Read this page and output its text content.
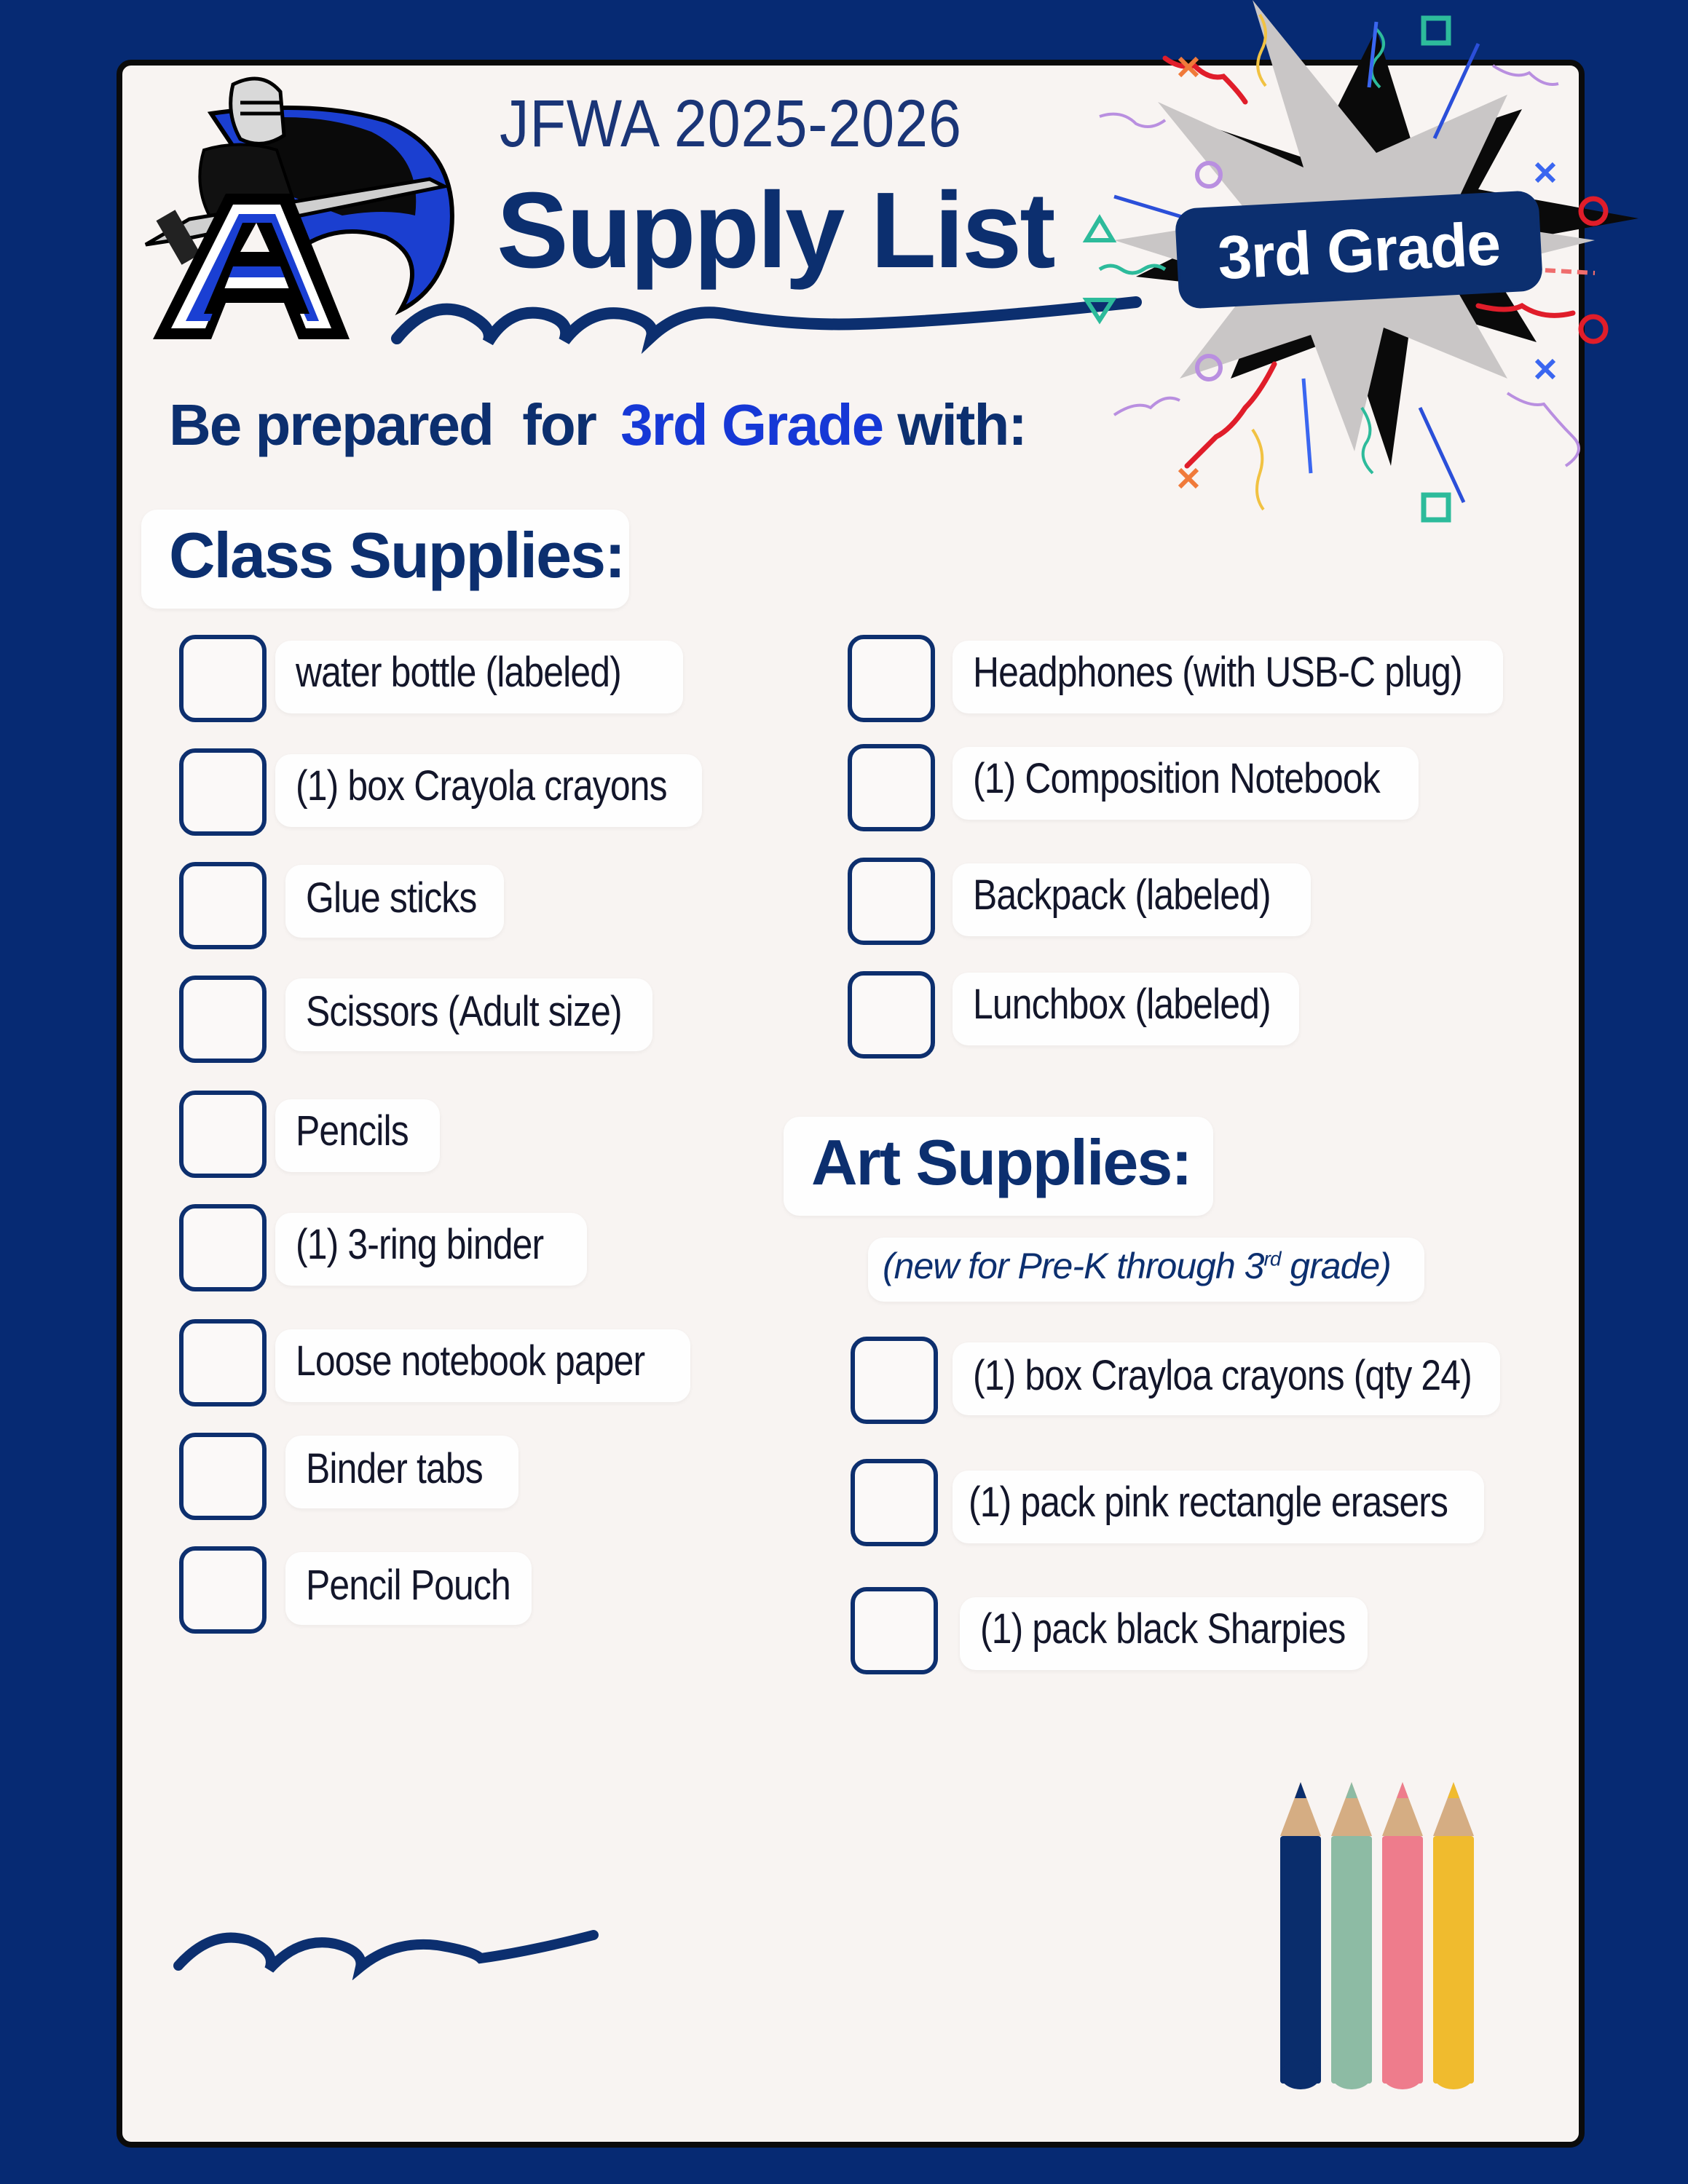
JFWA 2025-2026
Supply List	3rd Grade
Be prepared  for 3rd Grade with:
Class Supplies:
water bottle (labeled)
(1) box Crayola crayons
Glue sticks
Scissors (Adult size)
Pencils
(1) 3-ring binder
Loose notebook paper
Binder tabs
Pencil Pouch
Headphones (with USB-C plug)
(1) Composition Notebook
Backpack (labeled)
Lunchbox (labeled)
Art Supplies:
(new for Pre-K through 3rd grade)
(1) box Crayloa crayons (qty 24)
(1) pack pink rectangle erasers
(1) pack black Sharpies
